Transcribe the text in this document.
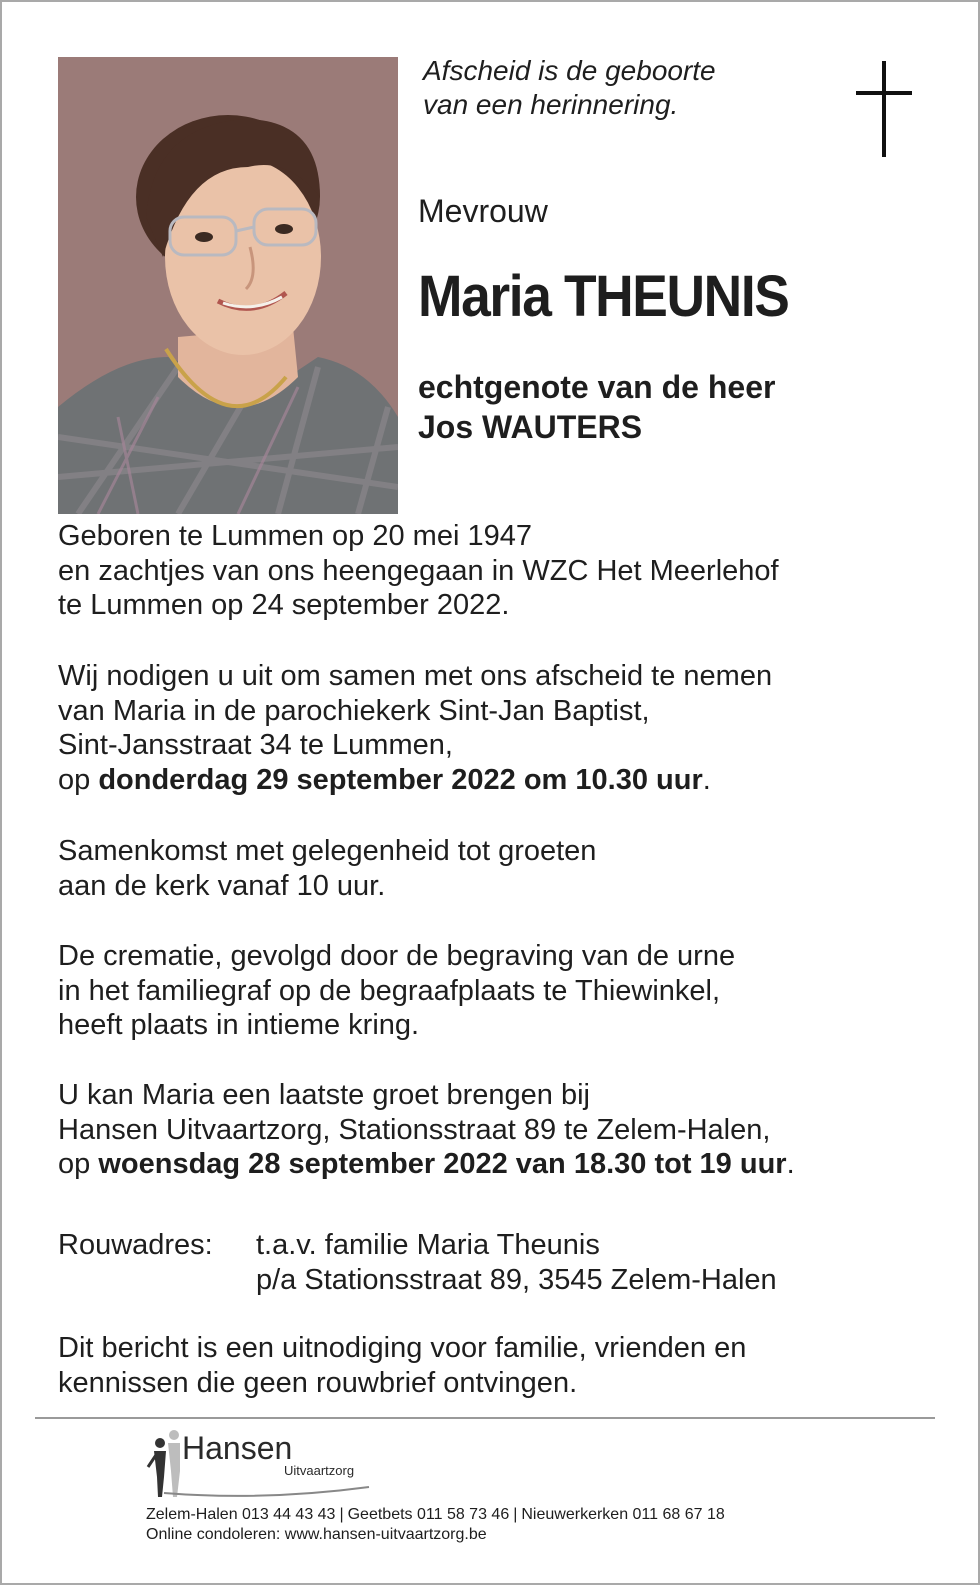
Afscheid is de geboorte
van een herinnering.

Mevrouw

Maria THEUNIS

echtgenote van de heer
Jos WAUTERS

Geboren te Lummen op 20 mei 1947
en zachtjes van ons heengegaan in WZC Het Meerlehof
te Lummen op 24 september 2022.

Wij nodigen u uit om samen met ons afscheid te nemen
van Maria in de parochiekerk Sint-Jan Baptist,
Sint-Jansstraat 34 te Lummen,
op donderdag 29 september 2022 om 10.30 uur.

Samenkomst met gelegenheid tot groeten
aan de kerk vanaf 10 uur.

De crematie, gevolgd door de begraving van de urne
in het familiegraf op de begraafplaats te Thiewinkel,
heeft plaats in intieme kring.

U kan Maria een laatste groet brengen bij
Hansen Uitvaartzorg, Stationsstraat 89 te Zelem-Halen,
op woensdag 28 september 2022 van 18.30 tot 19 uur.

Rouwadres: t.a.v. familie Maria Theunis
p/a Stationsstraat 89, 3545 Zelem-Halen

Dit bericht is een uitnodiging voor familie, vrienden en
kennissen die geen rouwbrief ontvingen.

Hansen

Uitvaartzorg

Zelem-Halen 013 44 43 43 | Geetbets 011 58 73 46 | Nieuwerkerken 011 68 67 18
Online condoleren: www.hansen-uitvaartzorg.be
